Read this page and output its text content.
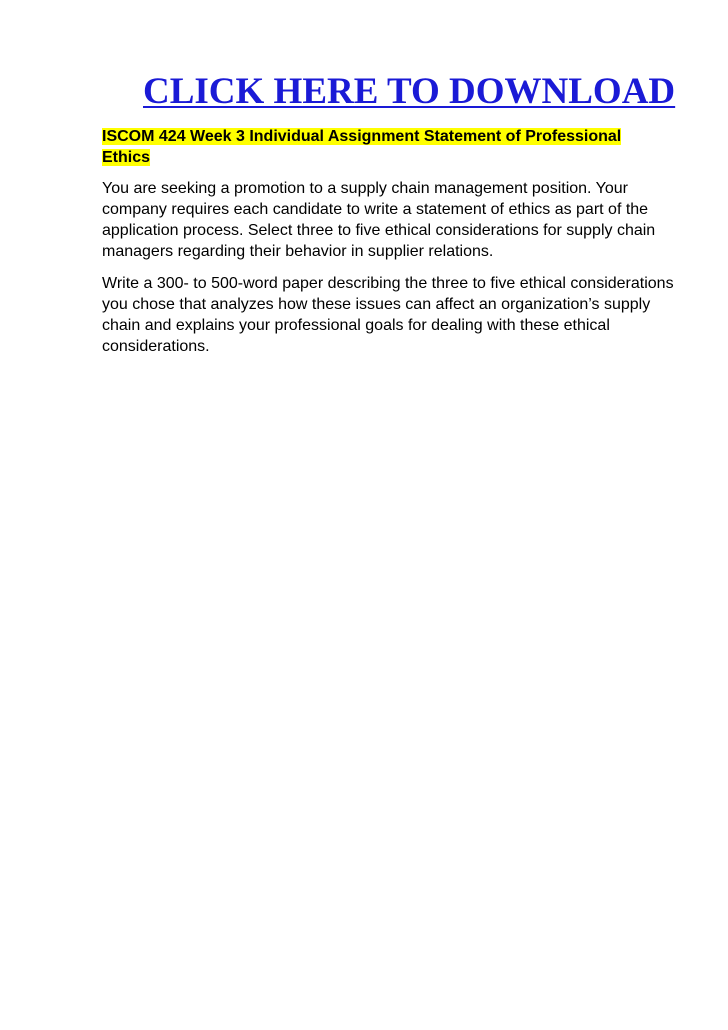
CLICK HERE TO DOWNLOAD
ISCOM 424 Week 3 Individual Assignment Statement of Professional
Ethics

You are seeking a promotion to a supply chain management position. Your company requires each candidate to write a statement of ethics as part of the application process. Select three to five ethical considerations for supply chain managers regarding their behavior in supplier relations.

Write a 300- to 500-word paper describing the three to five ethical considerations you chose that analyzes how these issues can affect an organization’s supply chain and explains your professional goals for dealing with these ethical considerations.
